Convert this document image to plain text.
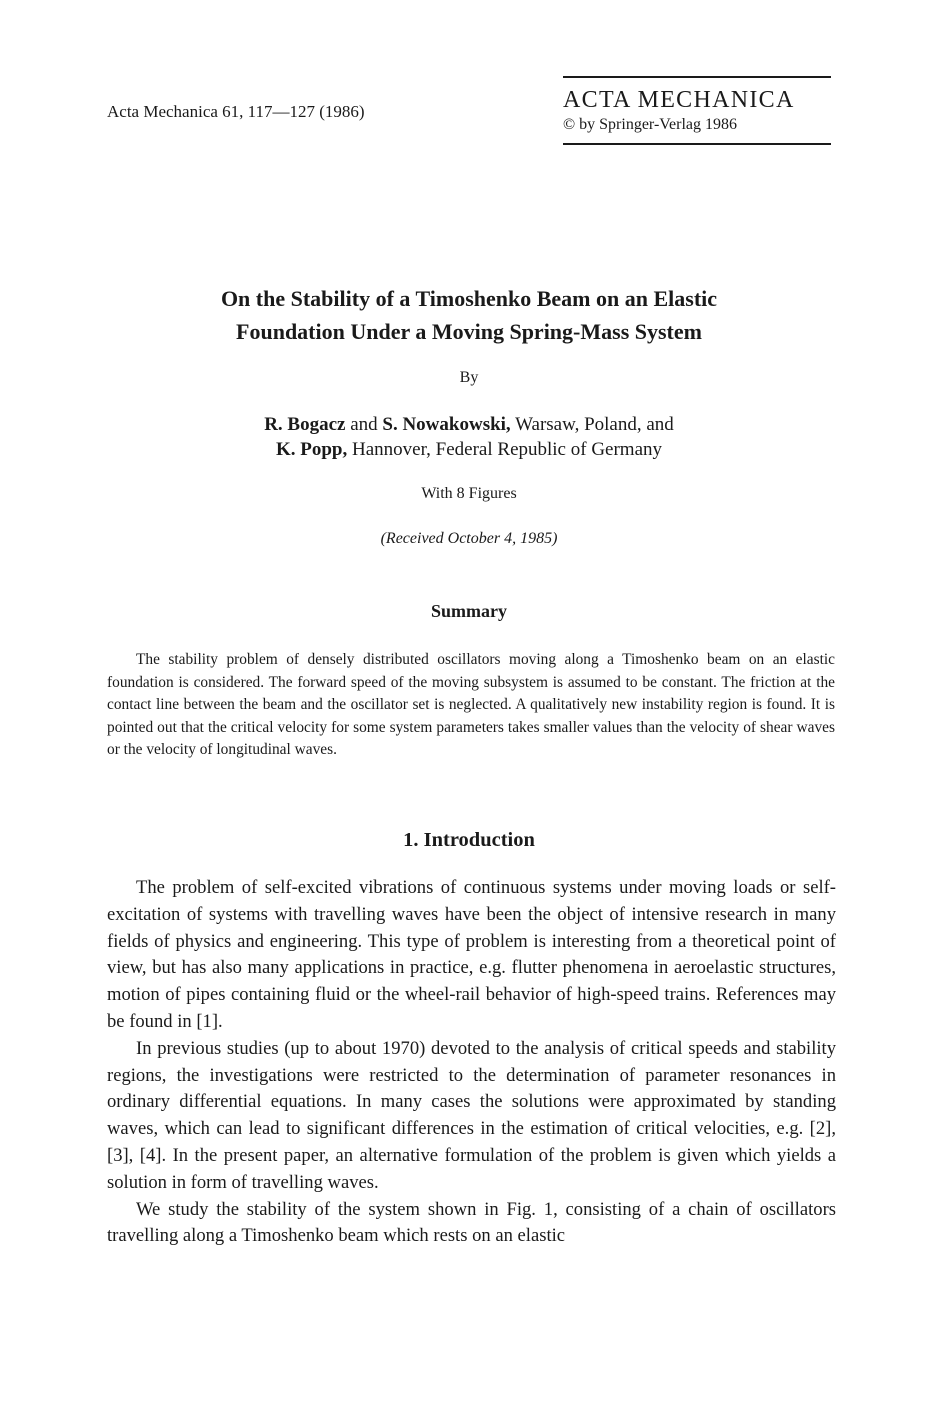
Acta Mechanica 61, 117—127 (1986)	ACTA MECHANICA
© by Springer-Verlag 1986
On the Stability of a Timoshenko Beam on an Elastic
Foundation Under a Moving Spring-Mass System
By
R. Bogacz and S. Nowakowski, Warsaw, Poland, and
K. Popp, Hannover, Federal Republic of Germany
With 8 Figures
(Received October 4, 1985)
Summary

The stability problem of densely distributed oscillators moving along a Timoshenko beam on an elastic foundation is considered. The forward speed of the moving subsystem is assumed to be constant. The friction at the contact line between the beam and the oscillator set is neglected. A qualitatively new instability region is found. It is pointed out that the critical velocity for some system parameters takes smaller values than the velocity of shear waves or the velocity of longitudinal waves.

1. Introduction

The problem of self-excited vibrations of continuous systems under moving loads or self-excitation of systems with travelling waves have been the object of intensive research in many fields of physics and engineering. This type of problem is interesting from a theoretical point of view, but has also many applications in practice, e.g. flutter phenomena in aeroelastic structures, motion of pipes containing fluid or the wheel-rail behavior of high-speed trains. References may be found in [1].

In previous studies (up to about 1970) devoted to the analysis of critical speeds and stability regions, the investigations were restricted to the determination of parameter resonances in ordinary differential equations. In many cases the solutions were approximated by standing waves, which can lead to significant differences in the estimation of critical velocities, e.g. [2], [3], [4]. In the present paper, an alternative formulation of the problem is given which yields a solution in form of travelling waves.

We study the stability of the system shown in Fig. 1, consisting of a chain of oscillators travelling along a Timoshenko beam which rests on an elastic
